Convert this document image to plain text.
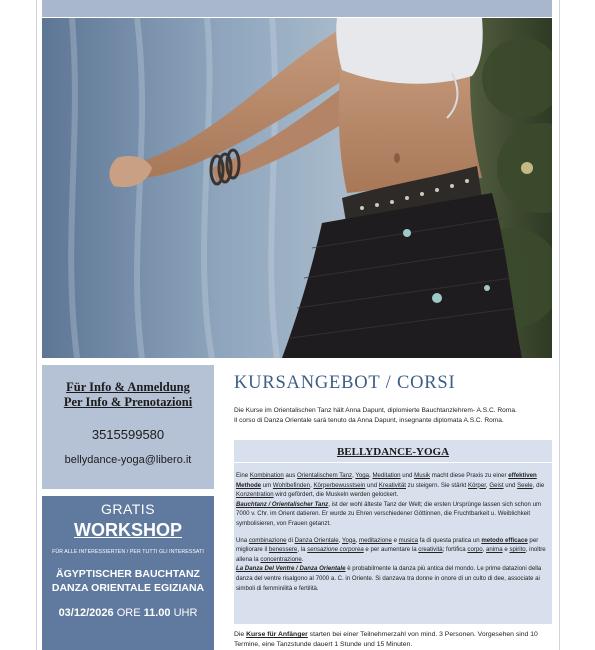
Für Info & Anmeldung
Per Info & Prenotazioni
3515599580
bellydance-yoga@libero.it
GRATIS
WORKSHOP
FÜR ALLE INTERESSIERTEN / PER TUTTI GLI INTERESSATI
ÄGYPTISCHER BAUCHTANZ
DANZA ORIENTALE EGIZIANA
03/12/2026 ORE 11.00 UHR
KURSANGEBOT / CORSI
Die Kurse im Orientalischen Tanz hält Anna Dapunt, diplomierte Bauchtanzlehrem- A.S.C. Roma.
Il corso di Danza Orientale sarà tenuto da Anna Dapunt, insegnante diplomata A.S.C. Roma.
BELLYDANCE-YOGA

Eine Kombination aus Orientalischem Tanz, Yoga, Meditation und Musik macht diese Praxis zu einer effektiven Methode um Wohlbefinden, Körperbewusstsein und Kreativität zu steigern. Sie stärkt Körper, Geist und Seele, die Konzentration wird gefördert, die Muskeln werden gelockert.
Bauchtanz / Orientalischer Tanz, ist der wohl älteste Tanz der Welt; die ersten Ursprünge lassen sich schon um 7000 v. Chr. im Orient datieren. Er wurde zu Ehren verschiedener Göttinnen, die Fruchtbarkeit u. Weiblichkeit symbolisieren, von Frauen getanzt.

Una combinazione di Danza Orientale, Yoga, meditazione e musica fa di questa pratica un metodo efficace per migliorare il benessere, la sensazione corporea e per aumentare la creatività; fortifica corpo, anima e spirito, inoltre allena la concentrazione.
La Danza Del Ventre / Danza Orientale è probabilmente la danza più antica del mondo. Le prime datazioni della danza del ventre risalgono al 7000 a. C. in Oriente. Si danzava tra donne in onore di un culto di dee, associate ai simboli di femminilità e fertilità.

Die Kurse für Anfänger starten bei einer Teilnehmerzahl von mind. 3 Personen. Vorgesehen sind 10 Termine, eine Tanzstunde dauert 1 Stunde und 15 Minuten.
